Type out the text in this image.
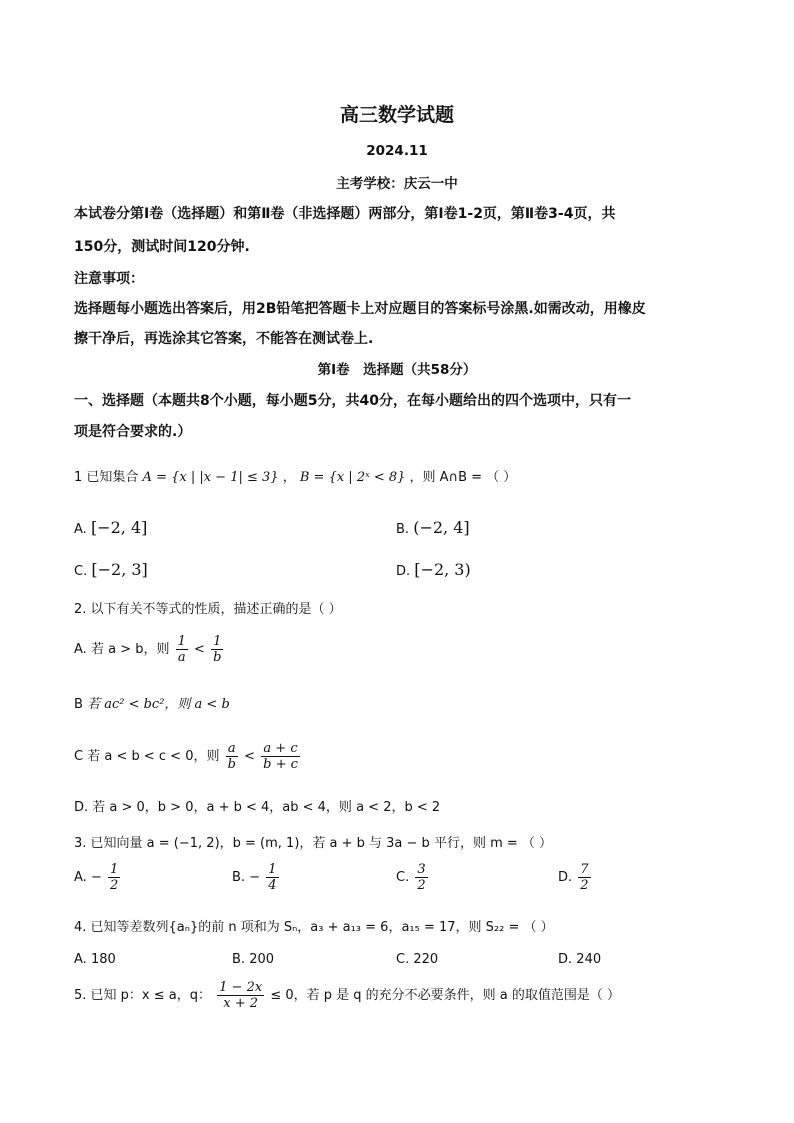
高三数学试题
2024.11
主考学校：庆云一中
本试卷分第Ⅰ卷（选择题）和第Ⅱ卷（非选择题）两部分，第Ⅰ卷1-2页，第Ⅱ卷3-4页，共
150分，测试时间120分钟.
注意事项：
选择题每小题选出答案后，用2B铅笔把答题卡上对应题目的答案标号涂黑.如需改动，用橡皮
擦干净后，再选涂其它答案，不能答在测试卷上.
第Ⅰ卷　选择题（共58分）
一、选择题（本题共8个小题，每小题5分，共40分，在每小题给出的四个选项中，只有一
项是符合要求的.）
1 已知集合 A = {x | |x − 1| ≤ 3} ， B = {x | 2ˣ < 8} ，则 A∩B = （ ）
A. [−2, 4]	B. (−2, 4]
C. [−2, 3]	D. [−2, 3)
2. 以下有关不等式的性质，描述正确的是（ ）
A. 若 a > b，则 $\frac{1}{a} < \frac{1}{b}$
B 若 ac² < bc²，则 a < b
C 若 a < b < c < 0，则 $\frac{a}{b} < \frac{a + c}{b + c}$
D. 若 a > 0，b > 0，a + b < 4，ab < 4，则 a < 2，b < 2
3. 已知向量 a = (−1, 2)，b = (m, 1)，若 a + b 与 3a − b 平行，则 m = （ ）
A. − $\frac{1}{2}$	B. − $\frac{1}{4}$	C. $\frac{3}{2}$	D. $\frac{7}{2}$
4. 已知等差数列{aₙ}的前 n 项和为 Sₙ，a₃ + a₁₃ = 6，a₁₅ = 17，则 S₂₂ = （ ）
A. 180	B. 200	C. 220	D. 240
5. 已知 p：x ≤ a，q： $\frac{1 - 2x}{x + 2} \le 0$，若 p 是 q 的充分不必要条件，则 a 的取值范围是（ ）
